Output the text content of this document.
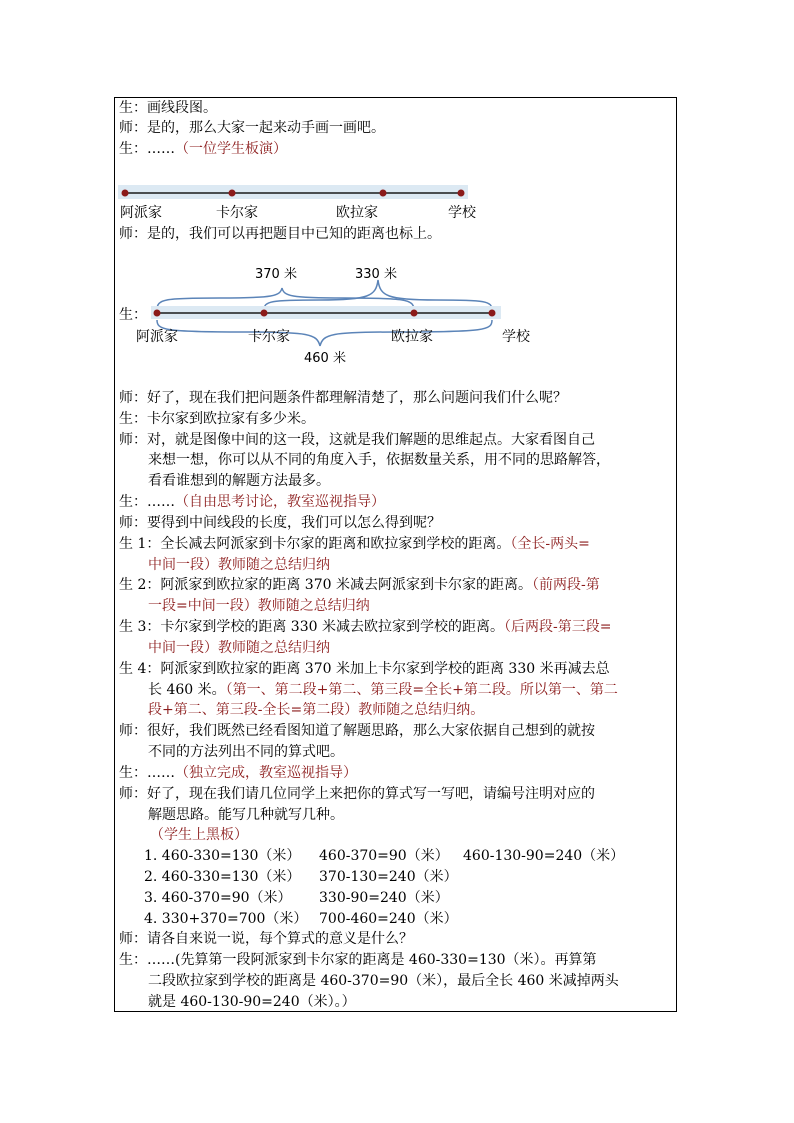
生：画线段图。
师：是的，那么大家一起来动手画一画吧。
生：……（一位学生板演）
阿派家	卡尔家	欧拉家	学校
师：是的，我们可以再把题目中已知的距离也标上。
370 米	330 米
阿派家	卡尔家	欧拉家	学校
460 米
生：
师：好了，现在我们把问题条件都理解清楚了，那么问题问我们什么呢？
生：卡尔家到欧拉家有多少米。
师：对，就是图像中间的这一段，这就是我们解题的思维起点。大家看图自己
来想一想，你可以从不同的角度入手，依据数量关系，用不同的思路解答，
看看谁想到的解题方法最多。
生：……（自由思考讨论，教室巡视指导）
师：要得到中间线段的长度，我们可以怎么得到呢？
生 1：全长减去阿派家到卡尔家的距离和欧拉家到学校的距离。（全长-两头=
中间一段）教师随之总结归纳
生 2：阿派家到欧拉家的距离 370 米减去阿派家到卡尔家的距离。（前两段-第
一段=中间一段）教师随之总结归纳
生 3：卡尔家到学校的距离 330 米减去欧拉家到学校的距离。（后两段-第三段=
中间一段）教师随之总结归纳
生 4：阿派家到欧拉家的距离 370 米加上卡尔家到学校的距离 330 米再减去总
长 460 米。（第一、第二段+第二、第三段=全长+第二段。所以第一、第二
段+第二、第三段-全长=第二段）教师随之总结归纳。
师：很好，我们既然已经看图知道了解题思路，那么大家依据自己想到的就按
不同的方法列出不同的算式吧。
生：……（独立完成，教室巡视指导）
师：好了，现在我们请几位同学上来把你的算式写一写吧，请编号注明对应的
解题思路。能写几种就写几种。
（学生上黑板）
1. 460-330=130（米） 460-370=90（米） 460-130-90=240（米）
2. 460-330=130（米） 370-130=240（米）
3. 460-370=90（米） 330-90=240（米）
4. 330+370=700（米） 700-460=240（米）
师：请各自来说一说，每个算式的意义是什么？
生：……(先算第一段阿派家到卡尔家的距离是 460-330=130（米）。再算第
二段欧拉家到学校的距离是 460-370=90（米），最后全长 460 米减掉两头
就是 460-130-90=240（米）。）
